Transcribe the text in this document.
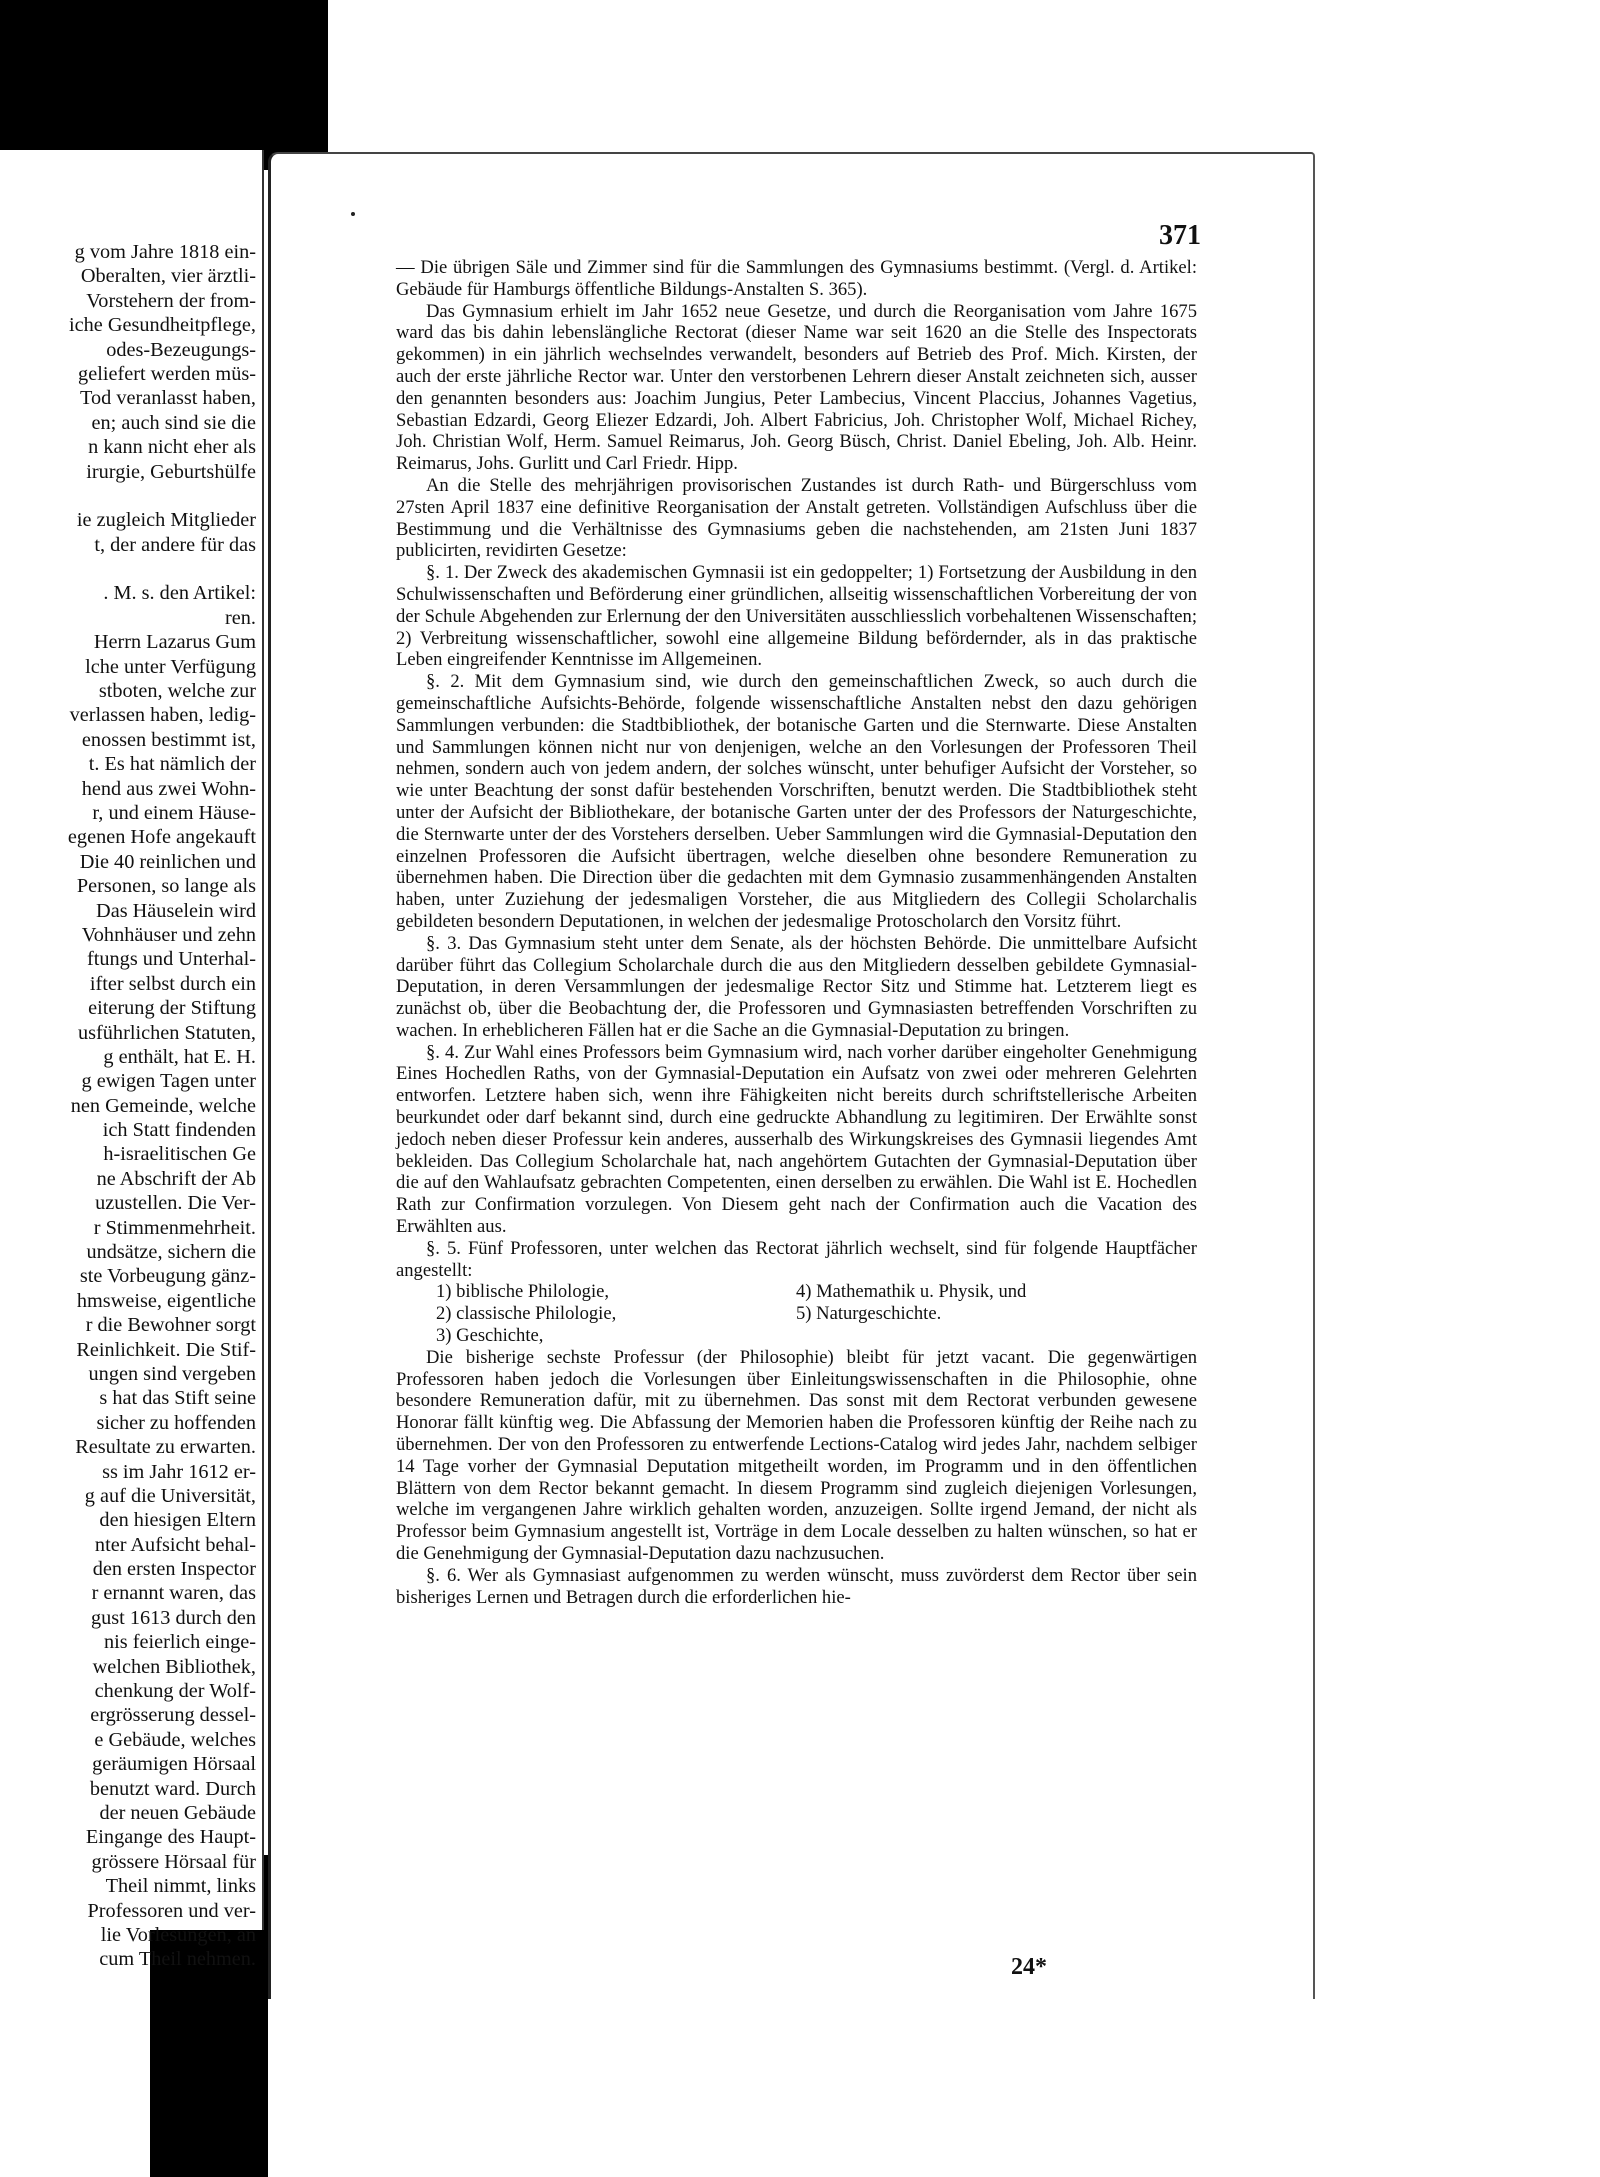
g vom Jahre 1818 ein-
Oberalten, vier ärztli-
Vorstehern der from-
iche Gesundheitpflege,
odes-Bezeugungs-
geliefert werden müs-
Tod veranlasst haben,
en; auch sind sie die
n kann nicht eher als
irurgie, Geburtshülfe
ie zugleich Mitglieder
t, der andere für das
. M. s. den Artikel:
ren.
Herrn Lazarus Gum
lche unter Verfügung
stboten, welche zur
verlassen haben, ledig-
enossen bestimmt ist,
t. Es hat nämlich der
hend aus zwei Wohn-
r, und einem Häuse-
egenen Hofe angekauft
Die 40 reinlichen und
Personen, so lange als
Das Häuselein wird
Vohnhäuser und zehn
ftungs und Unterhal-
ifter selbst durch ein
eiterung der Stiftung
usführlichen Statuten,
g enthält, hat E. H.
g ewigen Tagen unter
nen Gemeinde, welche
ich Statt findenden
h-israelitischen Ge
ne Abschrift der Ab
uzustellen. Die Ver-
r Stimmenmehrheit.
undsätze, sichern die
ste Vorbeugung gänz-
hmsweise, eigentliche
r die Bewohner sorgt
Reinlichkeit. Die Stif-
ungen sind vergeben
s hat das Stift seine
sicher zu hoffenden
Resultate zu erwarten.
ss im Jahr 1612 er-
g auf die Universität,
den hiesigen Eltern
nter Aufsicht behal-
den ersten Inspector
r ernannt waren, das
gust 1613 durch den
nis feierlich einge-
welchen Bibliothek,
chenkung der Wolf-
ergrösserung dessel-
e Gebäude, welches
geräumigen Hörsaal
benutzt ward. Durch
der neuen Gebäude
Eingange des Haupt-
grössere Hörsaal für
Theil nimmt, links
Professoren und ver-
lie Vorlesungen, an
cum Theil nehmen.
371

— Die übrigen Säle und Zimmer sind für die Sammlungen des Gymnasiums bestimmt. (Vergl. d. Artikel: Gebäude für Hamburgs öffentliche Bildungs-Anstalten S. 365).

Das Gymnasium erhielt im Jahr 1652 neue Gesetze, und durch die Reorganisation vom Jahre 1675 ward das bis dahin lebenslängliche Rectorat (dieser Name war seit 1620 an die Stelle des Inspectorats gekommen) in ein jährlich wechselndes verwandelt, besonders auf Betrieb des Prof. Mich. Kirsten, der auch der erste jährliche Rector war. Unter den verstorbenen Lehrern dieser Anstalt zeichneten sich, ausser den genannten besonders aus: Joachim Jungius, Peter Lambecius, Vincent Placcius, Johannes Vagetius, Sebastian Edzardi, Georg Eliezer Edzardi, Joh. Albert Fabricius, Joh. Christopher Wolf, Michael Richey, Joh. Christian Wolf, Herm. Samuel Reimarus, Joh. Georg Büsch, Christ. Daniel Ebeling, Joh. Alb. Heinr. Reimarus, Johs. Gurlitt und Carl Friedr. Hipp.

An die Stelle des mehrjährigen provisorischen Zustandes ist durch Rath- und Bürgerschluss vom 27sten April 1837 eine definitive Reorganisation der Anstalt getreten. Vollständigen Aufschluss über die Bestimmung und die Verhältnisse des Gymnasiums geben die nachstehenden, am 21sten Juni 1837 publicirten, revidirten Gesetze:

§. 1. Der Zweck des akademischen Gymnasii ist ein gedoppelter; 1) Fortsetzung der Ausbildung in den Schulwissenschaften und Beförderung einer gründlichen, allseitig wissenschaftlichen Vorbereitung der von der Schule Abgehenden zur Erlernung der den Universitäten ausschliesslich vorbehaltenen Wissenschaften; 2) Verbreitung wissenschaftlicher, sowohl eine allgemeine Bildung befördernder, als in das praktische Leben eingreifender Kenntnisse im Allgemeinen.

§. 2. Mit dem Gymnasium sind, wie durch den gemeinschaftlichen Zweck, so auch durch die gemeinschaftliche Aufsichts-Behörde, folgende wissenschaftliche Anstalten nebst den dazu gehörigen Sammlungen verbunden: die Stadtbibliothek, der botanische Garten und die Sternwarte. Diese Anstalten und Sammlungen können nicht nur von denjenigen, welche an den Vorlesungen der Professoren Theil nehmen, sondern auch von jedem andern, der solches wünscht, unter behufiger Aufsicht der Vorsteher, so wie unter Beachtung der sonst dafür bestehenden Vorschriften, benutzt werden. Die Stadtbibliothek steht unter der Aufsicht der Bibliothekare, der botanische Garten unter der des Professors der Naturgeschichte, die Sternwarte unter der des Vorstehers derselben. Ueber Sammlungen wird die Gymnasial-Deputation den einzelnen Professoren die Aufsicht übertragen, welche dieselben ohne besondere Remuneration zu übernehmen haben. Die Direction über die gedachten mit dem Gymnasio zusammenhängenden Anstalten haben, unter Zuziehung der jedesmaligen Vorsteher, die aus Mitgliedern des Collegii Scholarchalis gebildeten besondern Deputationen, in welchen der jedesmalige Protoscholarch den Vorsitz führt.

§. 3. Das Gymnasium steht unter dem Senate, als der höchsten Behörde. Die unmittelbare Aufsicht darüber führt das Collegium Scholarchale durch die aus den Mitgliedern desselben gebildete Gymnasial-Deputation, in deren Versammlungen der jedesmalige Rector Sitz und Stimme hat. Letzterem liegt es zunächst ob, über die Beobachtung der, die Professoren und Gymnasiasten betreffenden Vorschriften zu wachen. In erheblicheren Fällen hat er die Sache an die Gymnasial-Deputation zu bringen.

§. 4. Zur Wahl eines Professors beim Gymnasium wird, nach vorher darüber eingeholter Genehmigung Eines Hochedlen Raths, von der Gymnasial-Deputation ein Aufsatz von zwei oder mehreren Gelehrten entworfen. Letztere haben sich, wenn ihre Fähigkeiten nicht bereits durch schriftstellerische Arbeiten beurkundet oder darf bekannt sind, durch eine gedruckte Abhandlung zu legitimiren. Der Erwählte sonst jedoch neben dieser Professur kein anderes, ausserhalb des Wirkungskreises des Gymnasii liegendes Amt bekleiden. Das Collegium Scholarchale hat, nach angehörtem Gutachten der Gymnasial-Deputation über die auf den Wahlaufsatz gebrachten Competenten, einen derselben zu erwählen. Die Wahl ist E. Hochedlen Rath zur Confirmation vorzulegen. Von Diesem geht nach der Confirmation auch die Vacation des Erwählten aus.

§. 5. Fünf Professoren, unter welchen das Rectorat jährlich wechselt, sind für folgende Hauptfächer angestellt:

1) biblische Philologie,	4) Mathemathik u. Physik, und
2) classische Philologie,	5) Naturgeschichte.
3) Geschichte,

Die bisherige sechste Professur (der Philosophie) bleibt für jetzt vacant. Die gegenwärtigen Professoren haben jedoch die Vorlesungen über Einleitungswissenschaften in die Philosophie, ohne besondere Remuneration dafür, mit zu übernehmen. Das sonst mit dem Rectorat verbunden gewesene Honorar fällt künftig weg. Die Abfassung der Memorien haben die Professoren künftig der Reihe nach zu übernehmen. Der von den Professoren zu entwerfende Lections-Catalog wird jedes Jahr, nachdem selbiger 14 Tage vorher der Gymnasial Deputation mitgetheilt worden, im Programm und in den öffentlichen Blättern von dem Rector bekannt gemacht. In diesem Programm sind zugleich diejenigen Vorlesungen, welche im vergangenen Jahre wirklich gehalten worden, anzuzeigen. Sollte irgend Jemand, der nicht als Professor beim Gymnasium angestellt ist, Vorträge in dem Locale desselben zu halten wünschen, so hat er die Genehmigung der Gymnasial-Deputation dazu nachzusuchen.

§. 6. Wer als Gymnasiast aufgenommen zu werden wünscht, muss zuvörderst dem Rector über sein bisheriges Lernen und Betragen durch die erforderlichen hie-

24*
